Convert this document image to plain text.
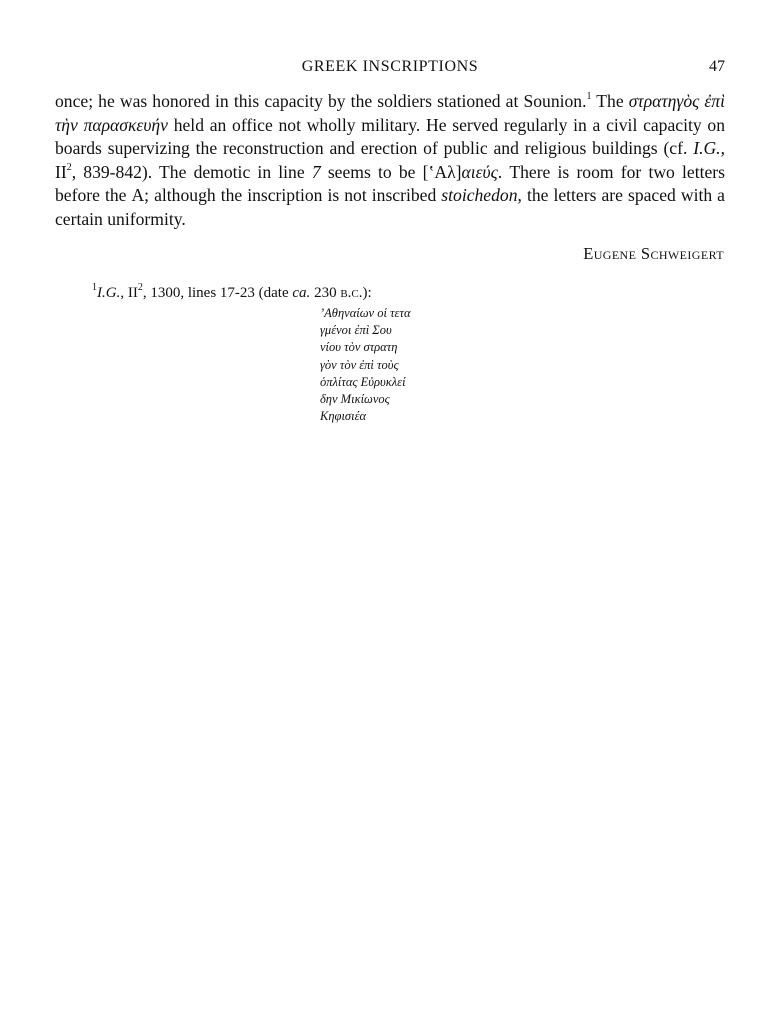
GREEK INSCRIPTIONS	47

once; he was honored in this capacity by the soldiers stationed at Sounion.$^1$ The στρατηγὸς ἐπὶ τὴν παρασκευήν held an office not wholly military. He served regularly in a civil capacity on boards supervizing the reconstruction and erection of public and religious buildings (cf. I.G., $II^2$, 839-842). The demotic in line 7 seems to be [ʽΑλ]αιεύς. There is room for two letters before the Α; although the inscription is not inscribed stoichedon, the letters are spaced with a certain uniformity.

Eugene Schweigert
$^1$I.G., $II^2$, 1300, lines 17-23 (date ca. 230 b.c.):
ʼΑθηναίων οἱ τετα
γμένοι ἐπὶ Σου
νίου τὸν στρατη
γὸν τὸν ἐπὶ τοὺς
ὁπλίτας Εὐρυκλεί
δην Μικίωνος
Κηφισιέα
